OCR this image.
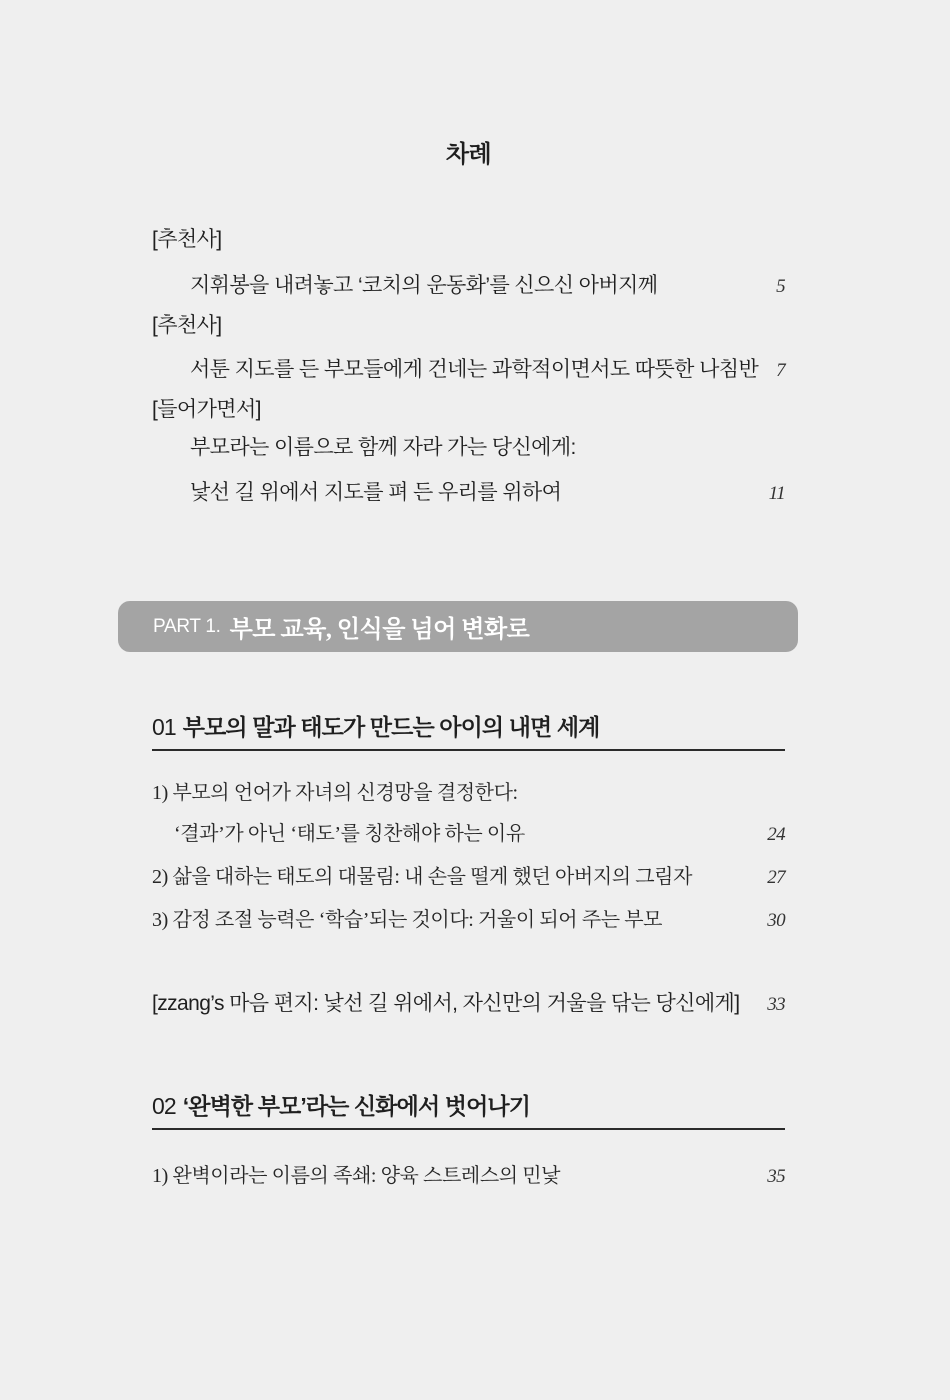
차례
[추천사]
지휘봉을 내려놓고 ‘코치의 운동화’를 신으신 아버지께	5
[추천사]
서툰 지도를 든 부모들에게 건네는 과학적이면서도 따뜻한 나침반 7
[들어가면서]
부모라는 이름으로 함께 자라 가는 당신에게:
낯선 길 위에서 지도를 펴 든 우리를 위하여	11
PART 1. 부모 교육, 인식을 넘어 변화로
01 부모의 말과 태도가 만드는 아이의 내면 세계
1) 부모의 언어가 자녀의 신경망을 결정한다:
‘결과’가 아닌 ‘태도’를 칭찬해야 하는 이유	24
2) 삶을 대하는 태도의 대물림: 내 손을 떨게 했던 아버지의 그림자	27
3) 감정 조절 능력은 ‘학습’되는 것이다: 거울이 되어 주는 부모	30
[zzang’s 마음 편지: 낯선 길 위에서, 자신만의 거울을 닦는 당신에게]	33
02 ‘완벽한 부모’라는 신화에서 벗어나기
1) 완벽이라는 이름의 족쇄: 양육 스트레스의 민낯	35
